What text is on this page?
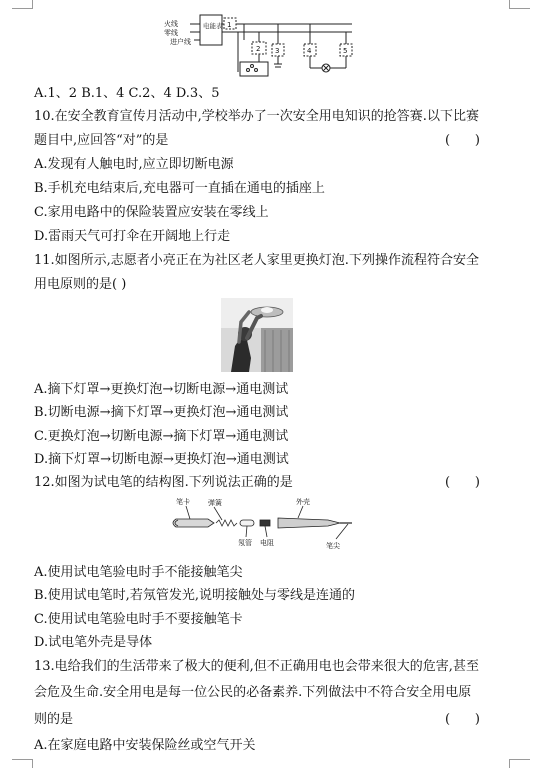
火线
零线
进户线
电能表 1
2 3	4	5
A.1、2 B.1、4 C.2、4 D.3、5
10.在安全教育宣传月活动中,学校举办了一次安全用电知识的抢答赛.以下比赛
题目中,应回答“对”的是	(      )
A.发现有人触电时,应立即切断电源
B.手机充电结束后,充电器可一直插在通电的插座上
C.家用电路中的保险装置应安装在零线上
D.雷雨天气可打伞在开阔地上行走
11.如图所示,志愿者小亮正在为社区老人家里更换灯泡.下列操作流程符合安全
用电原则的是( )
A.摘下灯罩→更换灯泡→切断电源→通电测试
B.切断电源→摘下灯罩→更换灯泡→通电测试
C.更换灯泡→切断电源→摘下灯罩→通电测试
D.摘下灯罩→切断电源→更换灯泡→通电测试
12.如图为试电笔的结构图.下列说法正确的是	(      )
笔卡	弹簧	外壳
氖管 电阻	笔尖
A.使用试电笔验电时手不能接触笔尖
B.使用试电笔时,若氖管发光,说明接触处与零线是连通的
C.使用试电笔验电时手不要接触笔卡
D.试电笔外壳是导体
13.电给我们的生活带来了极大的便利,但不正确用电也会带来很大的危害,甚至
会危及生命.安全用电是每一位公民的必备素养.下列做法中不符合安全用电原
则的是	(      )
A.在家庭电路中安装保险丝或空气开关
